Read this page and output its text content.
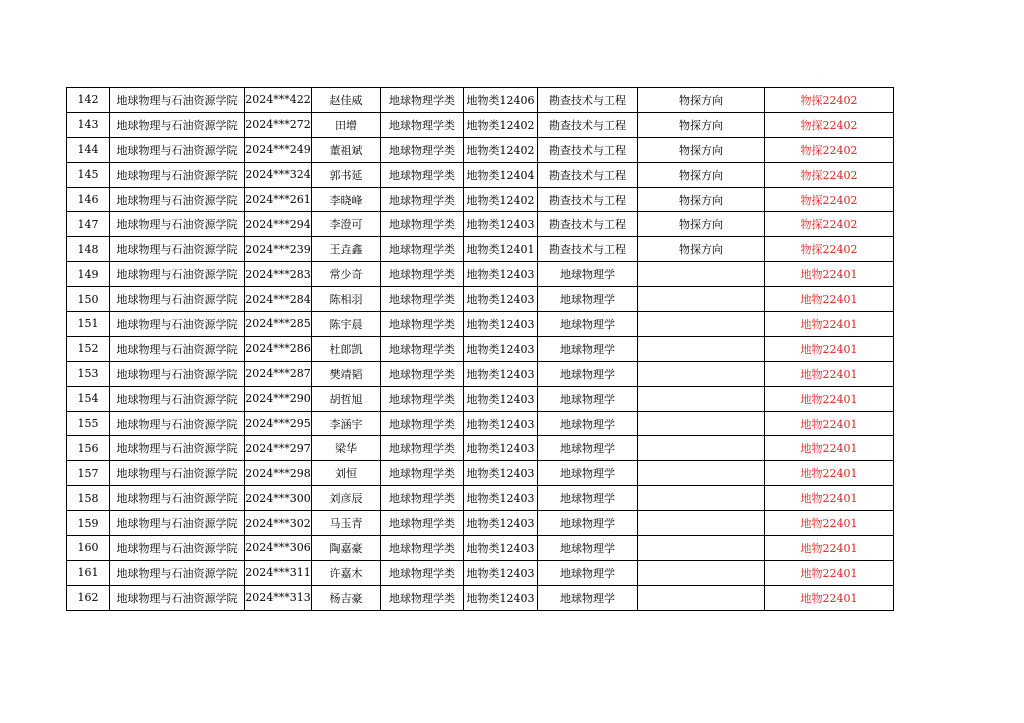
142	地球物理与石油资源学院	2024***422	赵佳威	地球物理学类	地物类12406	勘查技术与工程	物探方向	物探22402
143	地球物理与石油资源学院	2024***272	田增	地球物理学类	地物类12402	勘查技术与工程	物探方向	物探22402
144	地球物理与石油资源学院	2024***249	董祖斌	地球物理学类	地物类12402	勘查技术与工程	物探方向	物探22402
145	地球物理与石油资源学院	2024***324	郭书延	地球物理学类	地物类12404	勘查技术与工程	物探方向	物探22402
146	地球物理与石油资源学院	2024***261	李晓峰	地球物理学类	地物类12402	勘查技术与工程	物探方向	物探22402
147	地球物理与石油资源学院	2024***294	李澄可	地球物理学类	地物类12403	勘查技术与工程	物探方向	物探22402
148	地球物理与石油资源学院	2024***239	王垚鑫	地球物理学类	地物类12401	勘查技术与工程	物探方向	物探22402
149	地球物理与石油资源学院	2024***283	常少奇	地球物理学类	地物类12403	地球物理学		地物22401
150	地球物理与石油资源学院	2024***284	陈相羽	地球物理学类	地物类12403	地球物理学		地物22401
151	地球物理与石油资源学院	2024***285	陈宇晨	地球物理学类	地物类12403	地球物理学		地物22401
152	地球物理与石油资源学院	2024***286	杜郎凯	地球物理学类	地物类12403	地球物理学		地物22401
153	地球物理与石油资源学院	2024***287	樊靖韬	地球物理学类	地物类12403	地球物理学		地物22401
154	地球物理与石油资源学院	2024***290	胡哲旭	地球物理学类	地物类12403	地球物理学		地物22401
155	地球物理与石油资源学院	2024***295	李涵宇	地球物理学类	地物类12403	地球物理学		地物22401
156	地球物理与石油资源学院	2024***297	梁华	地球物理学类	地物类12403	地球物理学		地物22401
157	地球物理与石油资源学院	2024***298	刘恒	地球物理学类	地物类12403	地球物理学		地物22401
158	地球物理与石油资源学院	2024***300	刘彦辰	地球物理学类	地物类12403	地球物理学		地物22401
159	地球物理与石油资源学院	2024***302	马玉青	地球物理学类	地物类12403	地球物理学		地物22401
160	地球物理与石油资源学院	2024***306	陶嘉豪	地球物理学类	地物类12403	地球物理学		地物22401
161	地球物理与石油资源学院	2024***311	许嘉木	地球物理学类	地物类12403	地球物理学		地物22401
162	地球物理与石油资源学院	2024***313	杨吉豪	地球物理学类	地物类12403	地球物理学		地物22401
